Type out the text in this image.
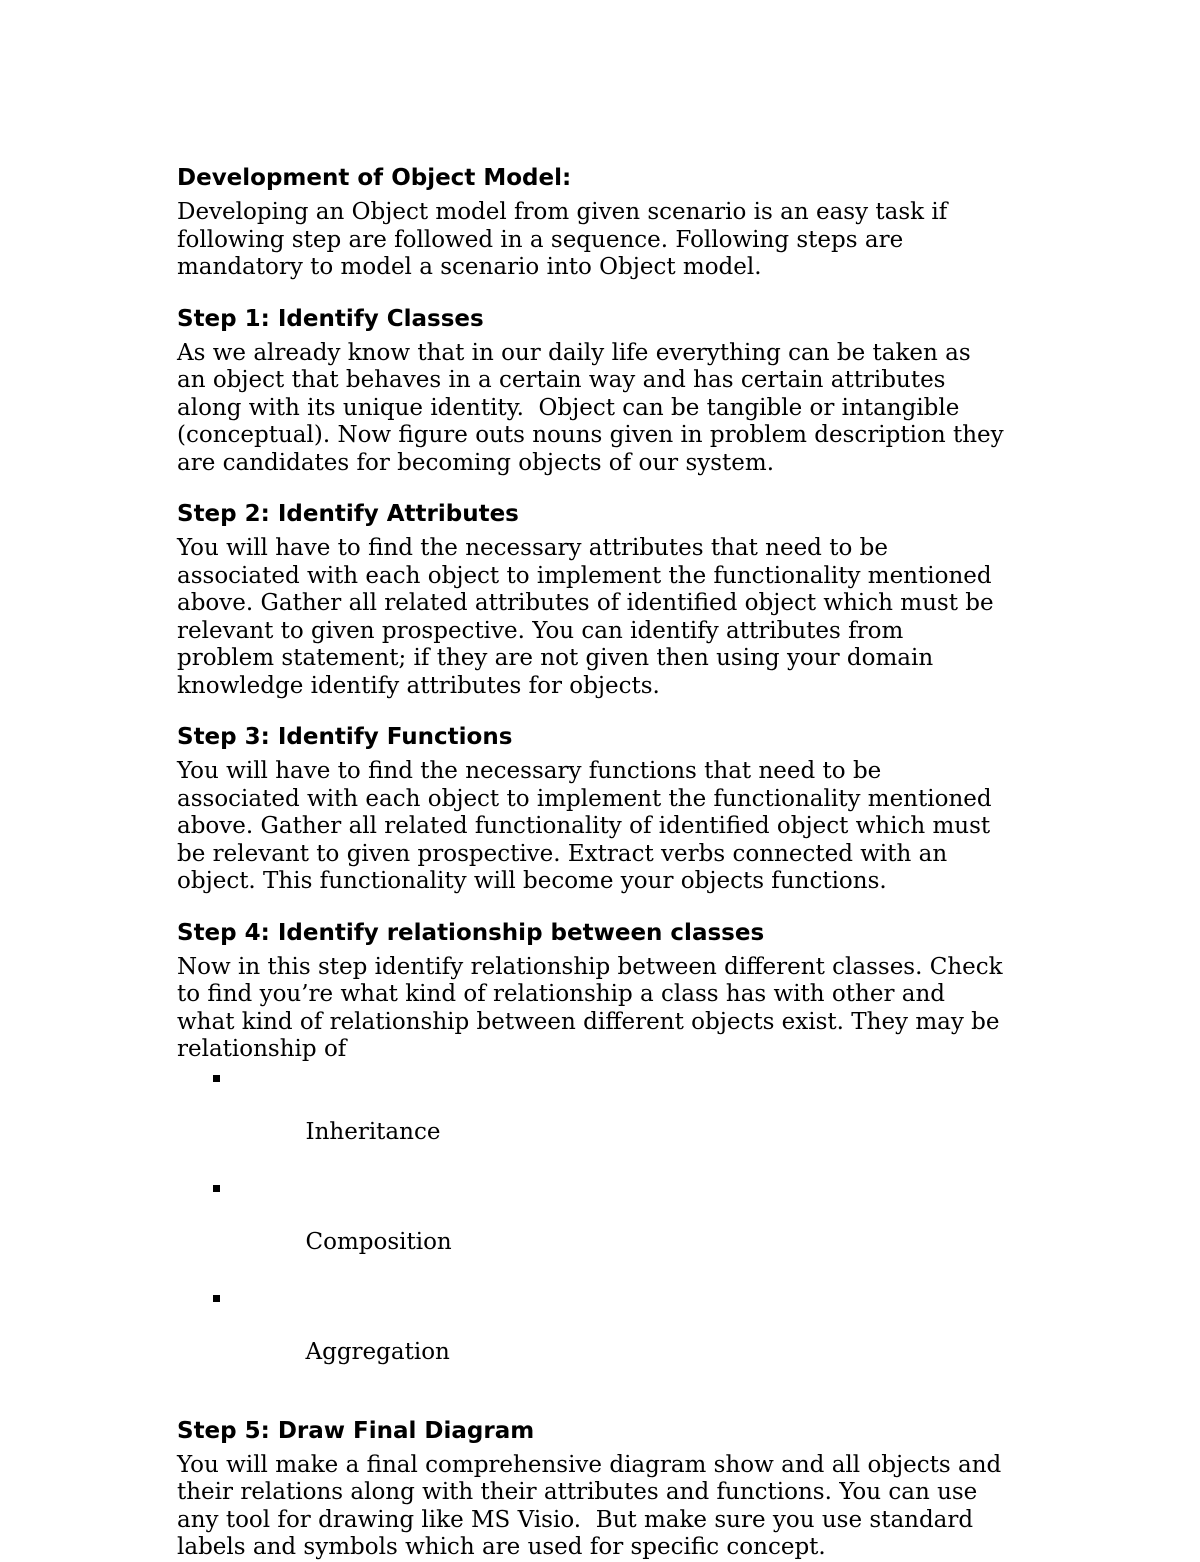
Development of Object Model:

Developing an Object model from given scenario is an easy task if
following step are followed in a sequence. Following steps are
mandatory to model a scenario into Object model.

Step 1: Identify Classes

As we already know that in our daily life everything can be taken as
an object that behaves in a certain way and has certain attributes
along with its unique identity.  Object can be tangible or intangible
(conceptual). Now figure outs nouns given in problem description they
are candidates for becoming objects of our system.

Step 2: Identify Attributes

You will have to find the necessary attributes that need to be
associated with each object to implement the functionality mentioned
above. Gather all related attributes of identified object which must be
relevant to given prospective. You can identify attributes from
problem statement; if they are not given then using your domain
knowledge identify attributes for objects.

Step 3: Identify Functions

You will have to find the necessary functions that need to be
associated with each object to implement the functionality mentioned
above. Gather all related functionality of identified object which must
be relevant to given prospective. Extract verbs connected with an
object. This functionality will become your objects functions.

Step 4: Identify relationship between classes

Now in this step identify relationship between different classes. Check
to find you’re what kind of relationship a class has with other and
what kind of relationship between different objects exist. They may be
relationship of

Inheritance

Composition

Aggregation

Step 5: Draw Final Diagram

You will make a final comprehensive diagram show and all objects and
their relations along with their attributes and functions. You can use
any tool for drawing like MS Visio.  But make sure you use standard
labels and symbols which are used for specific concept.
